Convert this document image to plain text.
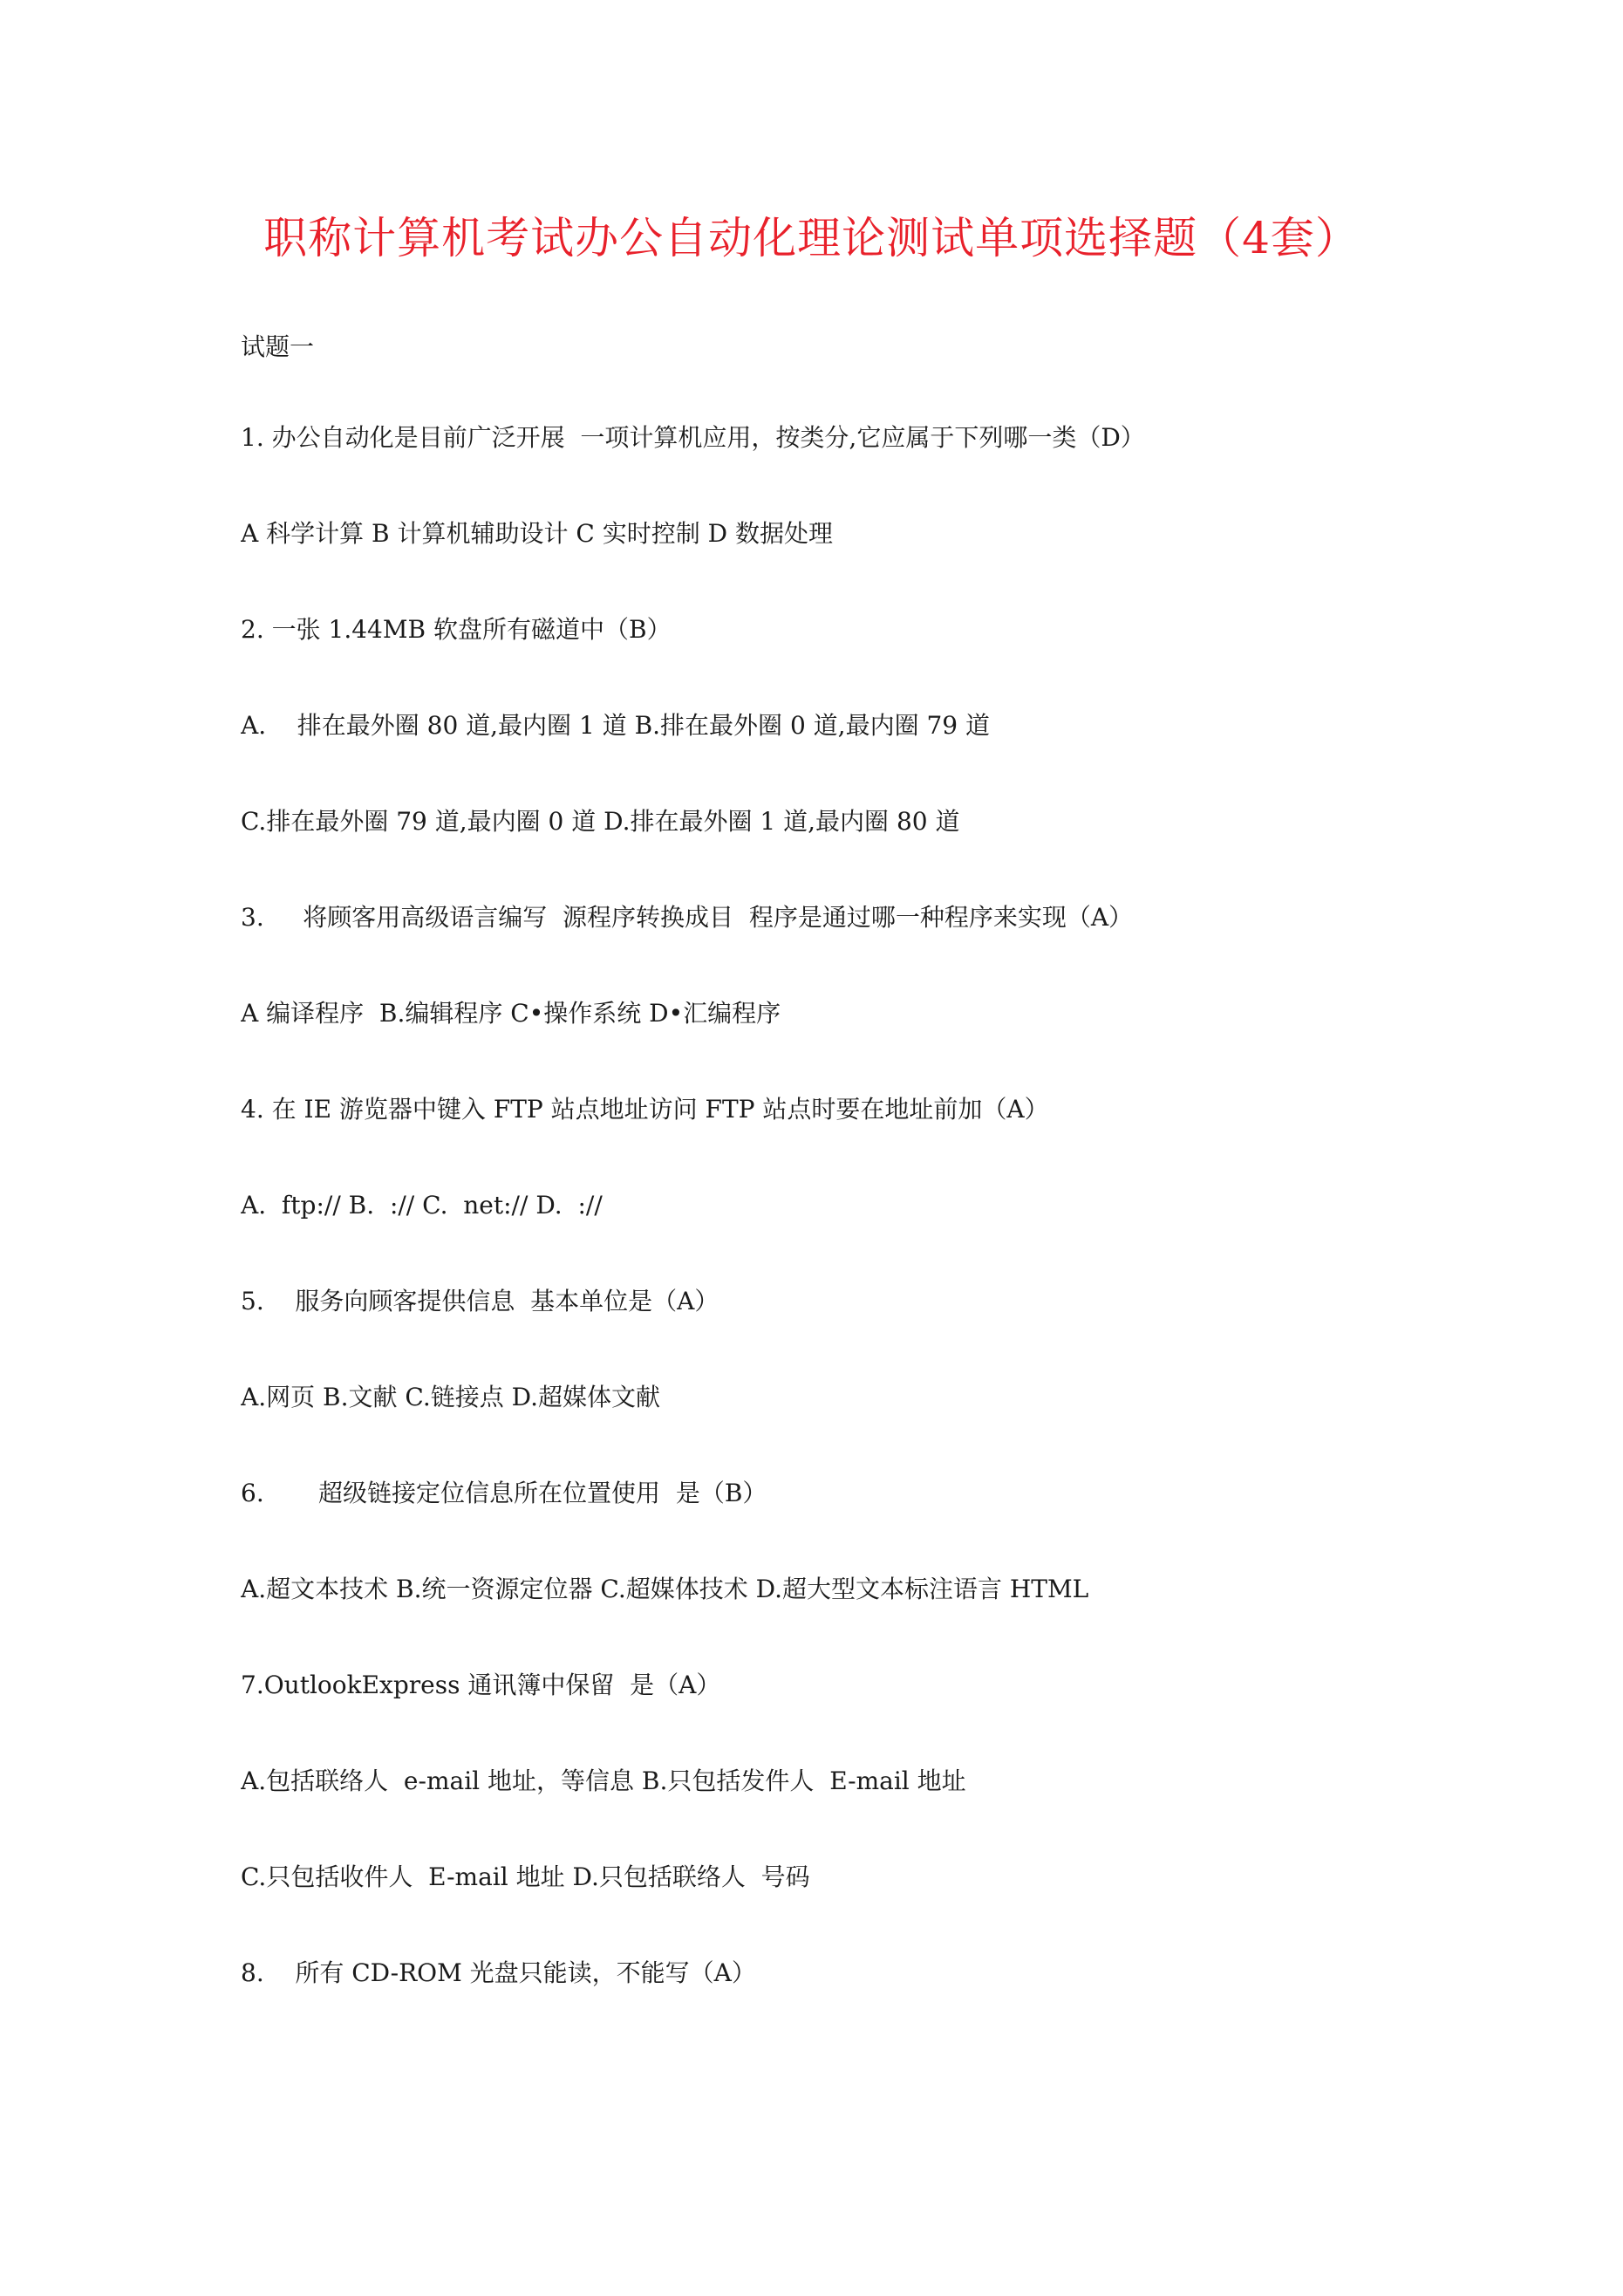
职称计算机考试办公自动化理论测试单项选择题（4套）
试题一
1. 办公自动化是目前广泛开展  一项计算机应用，按类分,它应属于下列哪一类（D）
A 科学计算 B 计算机辅助设计 C 实时控制 D 数据处理
2. 一张 1.44MB 软盘所有磁道中（B）
A.    排在最外圈 80 道,最内圈 1 道 B.排在最外圈 0 道,最内圈 79 道
C.排在最外圈 79 道,最内圈 0 道 D.排在最外圈 1 道,最内圈 80 道
3.     将顾客用高级语言编写  源程序转换成目  程序是通过哪一种程序来实现（A）
A 编译程序  B.编辑程序 C•操作系统 D•汇编程序
4. 在 IE 游览器中键入 FTP 站点地址访问 FTP 站点时要在地址前加（A）
A.  ftp:// B.  :// C.  net:// D.  ://
5.    服务向顾客提供信息  基本单位是（A）
A.网页 B.文献 C.链接点 D.超媒体文献
6.       超级链接定位信息所在位置使用  是（B）
A.超文本技术 B.统一资源定位器 C.超媒体技术 D.超大型文本标注语言 HTML
7.OutlookExpress 通讯簿中保留  是（A）
A.包括联络人  e-mail 地址，等信息 B.只包括发件人  E-mail 地址
C.只包括收件人  E-mail 地址 D.只包括联络人  号码
8.    所有 CD-ROM 光盘只能读，不能写（A）
